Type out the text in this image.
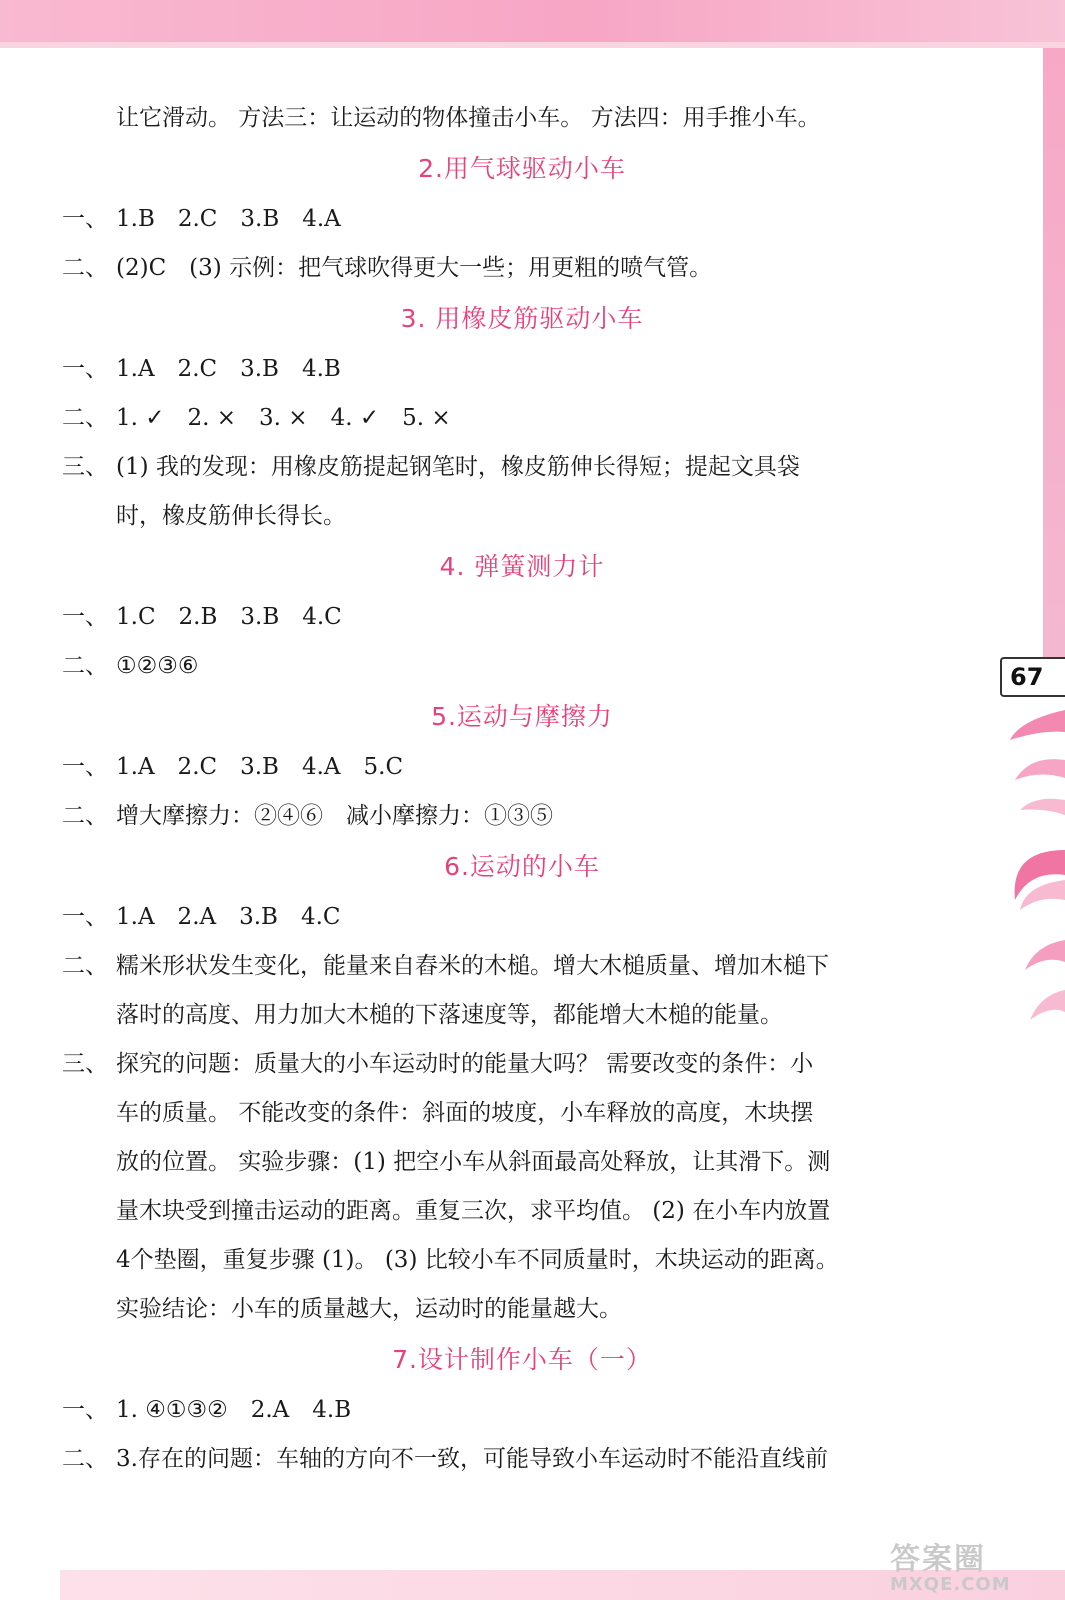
67
答案圈
MXQE.COM
让它滑动。 方法三：让运动的物体撞击小车。 方法四：用手推小车。
2.用气球驱动小车
一、 1.B　2.C　3.B　4.A
二、 (2)C　(3) 示例：把气球吹得更大一些；用更粗的喷气管。
3. 用橡皮筋驱动小车
一、 1.A　2.C　3.B　4.B
二、 1. ✓　2. ×　3. ×　4. ✓　5. ×
三、 (1) 我的发现：用橡皮筋提起钢笔时，橡皮筋伸长得短；提起文具袋
时，橡皮筋伸长得长。
4. 弹簧测力计
一、 1.C　2.B　3.B　4.C
二、 ①②③⑥
5.运动与摩擦力
一、 1.A　2.C　3.B　4.A　5.C
二、 增大摩擦力：②④⑥　减小摩擦力：①③⑤
6.运动的小车
一、 1.A　2.A　3.B　4.C
二、 糯米形状发生变化，能量来自舂米的木槌。增大木槌质量、增加木槌下
落时的高度、用力加大木槌的下落速度等，都能增大木槌的能量。
三、 探究的问题：质量大的小车运动时的能量大吗？ 需要改变的条件：小
车的质量。 不能改变的条件：斜面的坡度，小车释放的高度，木块摆
放的位置。 实验步骤：(1) 把空小车从斜面最高处释放，让其滑下。测
量木块受到撞击运动的距离。重复三次，求平均值。 (2) 在小车内放置
4个垫圈，重复步骤 (1)。 (3) 比较小车不同质量时，木块运动的距离。
实验结论：小车的质量越大，运动时的能量越大。
7.设计制作小车（一）
一、 1. ④①③②　2.A　4.B
二、 3.存在的问题：车轴的方向不一致，可能导致小车运动时不能沿直线前
